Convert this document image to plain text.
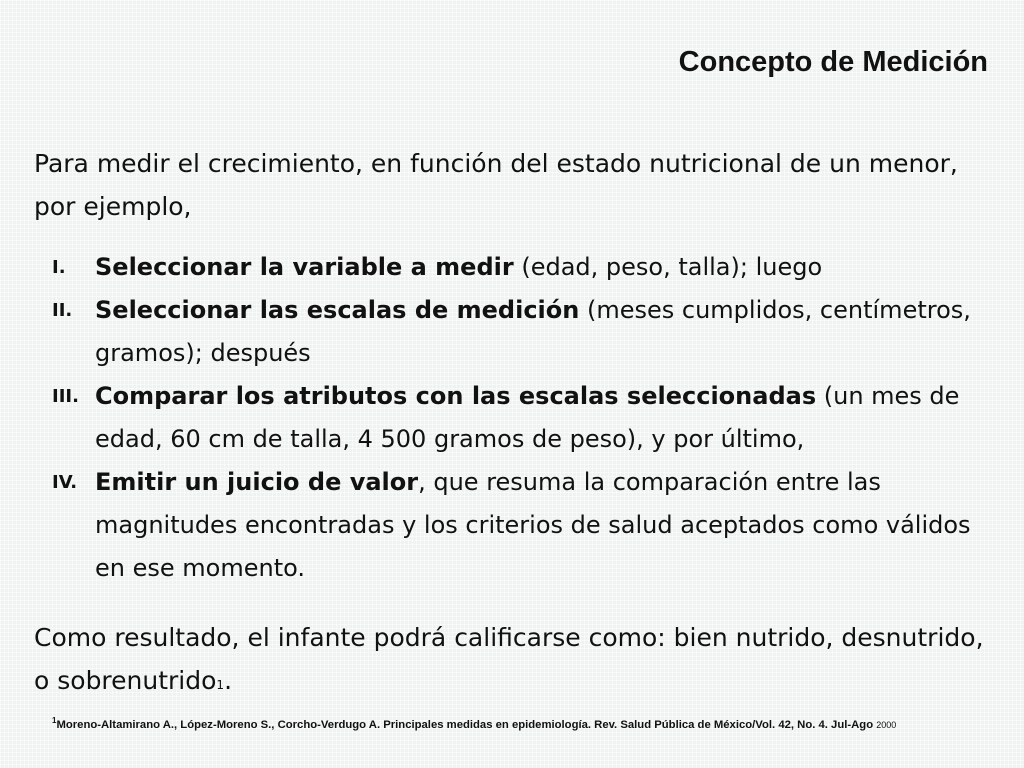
Concepto de Medición
Para medir el crecimiento, en función del estado nutricional de un menor, por ejemplo,
I.	Seleccionar la variable a medir (edad, peso, talla); luego
II. Seleccionar las escalas de medición (meses cumplidos, centímetros, gramos); después
III. Comparar los atributos con las escalas seleccionadas (un mes de edad, 60 cm de talla, 4 500 gramos de peso), y por último,
IV. Emitir un juicio de valor, que resuma la comparación entre las magnitudes encontradas y los criterios de salud aceptados como válidos en ese momento.
Como resultado, el infante podrá calificarse como: bien nutrido, desnutrido, o sobrenutrido1.
$^1$Moreno-Altamirano A., López-Moreno S., Corcho-Verdugo A. Principales medidas en epidemiología. Rev. Salud Pública de México/Vol. 42, No. 4. Jul-Ago 2000
